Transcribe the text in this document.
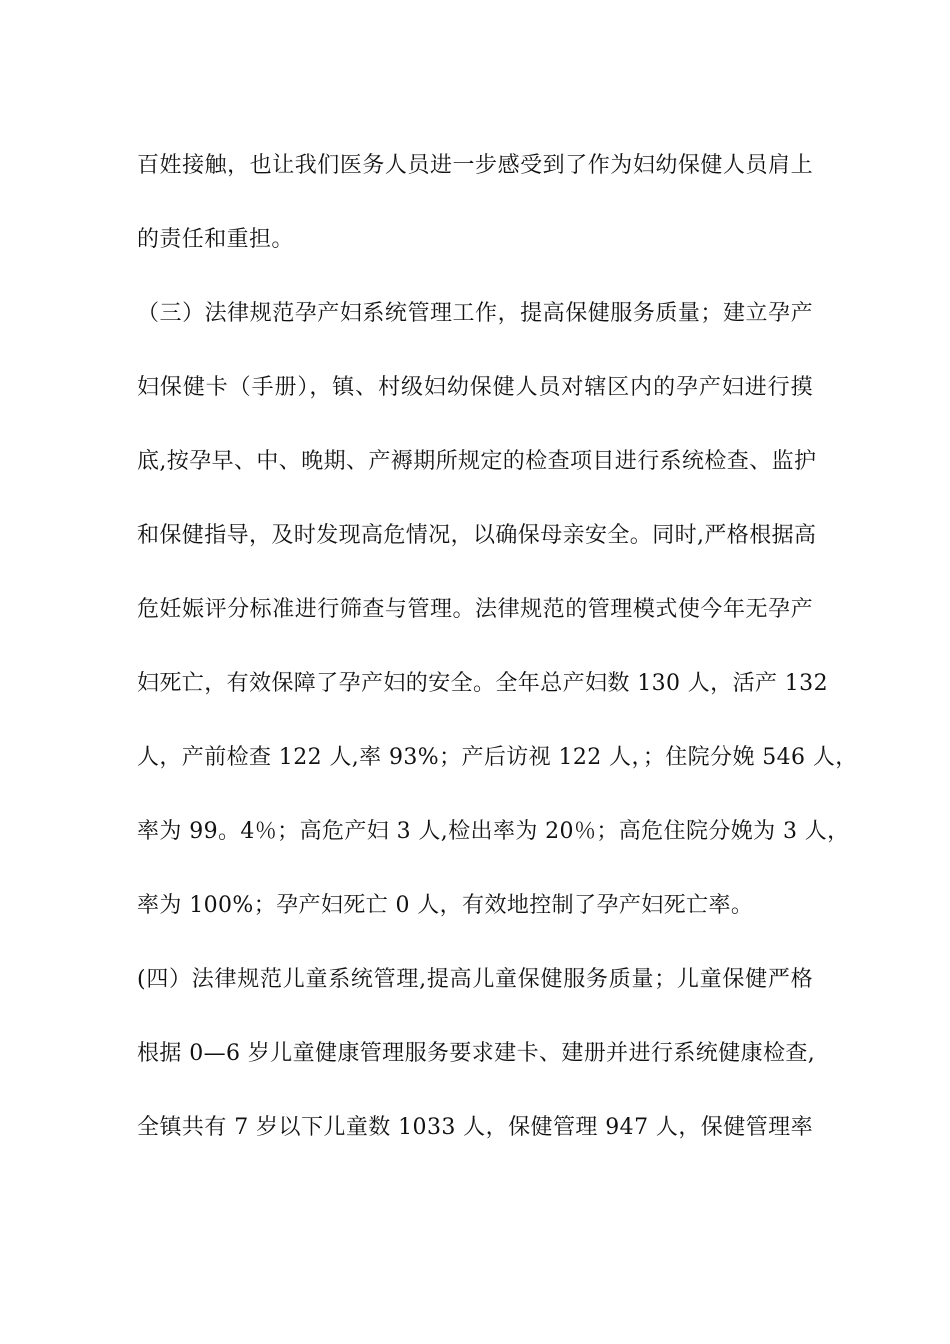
百姓接触，也让我们医务人员进一步感受到了作为妇幼保健人员肩上
的责任和重担。
（三）法律规范孕产妇系统管理工作，提高保健服务质量；建立孕产
妇保健卡（手册），镇、村级妇幼保健人员对辖区内的孕产妇进行摸
底,按孕早、中、晚期、产褥期所规定的检查项目进行系统检查、监护
和保健指导，及时发现高危情况，以确保母亲安全。同时,严格根据高
危妊娠评分标准进行筛查与管理。法律规范的管理模式使今年无孕产
妇死亡，有效保障了孕产妇的安全。全年总产妇数 130 人，活产 132
人，产前检查 122 人,率 93%；产后访视 122 人，；住院分娩 546 人，
率为 99。4％；高危产妇 3 人,检出率为 20％；高危住院分娩为 3 人，
率为 100%；孕产妇死亡 0 人，有效地控制了孕产妇死亡率。
(四）法律规范儿童系统管理,提高儿童保健服务质量；儿童保健严格
根据 0—6 岁儿童健康管理服务要求建卡、建册并进行系统健康检查,
全镇共有 7 岁以下儿童数 1033 人，保健管理 947 人，保健管理率
